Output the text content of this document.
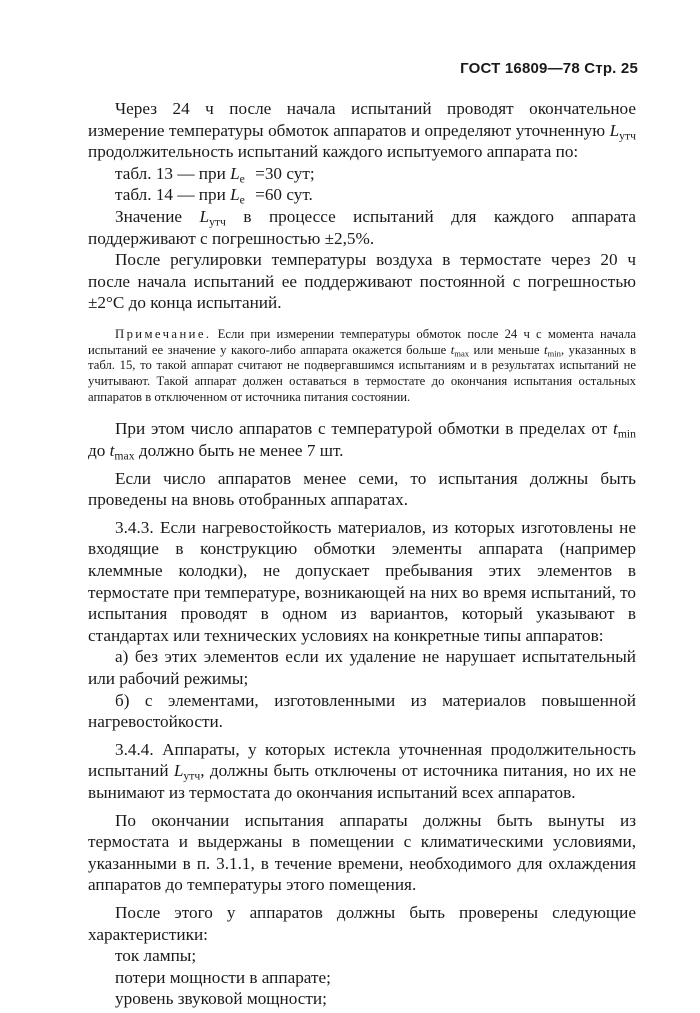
ГОСТ 16809—78 Стр. 25

Через 24 ч после начала испытаний проводят окончательное измерение температуры обмоток аппаратов и определяют уточненную $L_{утч}$ продолжительность испытаний каждого испытуемого аппарата по:

табл. 13 — при $L_e =30$ сут;
табл. 14 — при $L_e =60$ сут.

Значение $L_{утч}$ в процессе испытаний для каждого аппарата поддерживают с погрешностью ±2,5%.

После регулировки температуры воздуха в термостате через 20 ч после начала испытаний ее поддерживают постоянной с погрешностью ±2°С до конца испытаний.

Примечание. Если при измерении температуры обмоток после 24 ч с момента начала испытаний ее значение у какого-либо аппарата окажется больше $t_{max}$ или меньше $t_{min}$, указанных в табл. 15, то такой аппарат считают не подвергавшимся испытаниям и в результатах испытаний не учитывают. Такой аппарат должен оставаться в термостате до окончания испытания остальных аппаратов в отключенном от источника питания состоянии.

При этом число аппаратов с температурой обмотки в пределах от $t_{min}$ до $t_{max}$ должно быть не менее 7 шт.

Если число аппаратов менее семи, то испытания должны быть проведены на вновь отобранных аппаратах.

3.4.3. Если нагревостойкость материалов, из которых изготовлены не входящие в конструкцию обмотки элементы аппарата (например клеммные колодки), не допускает пребывания этих элементов в термостате при температуре, возникающей на них во время испытаний, то испытания проводят в одном из вариантов, который указывают в стандартах или технических условиях на конкретные типы аппаратов:

а) без этих элементов если их удаление не нарушает испытательный или рабочий режимы;

б) с элементами, изготовленными из материалов повышенной нагревостойкости.

3.4.4. Аппараты, у которых истекла уточненная продолжительность испытаний $L_{утч}$, должны быть отключены от источника питания, но их не вынимают из термостата до окончания испытаний всех аппаратов.

По окончании испытания аппараты должны быть вынуты из термостата и выдержаны в помещении с климатическими условиями, указанными в п. 3.1.1, в течение времени, необходимого для охлаждения аппаратов до температуры этого помещения.

После этого у аппаратов должны быть проверены следующие характеристики:

ток лампы;
потери мощности в аппарате;
уровень звуковой мощности;
